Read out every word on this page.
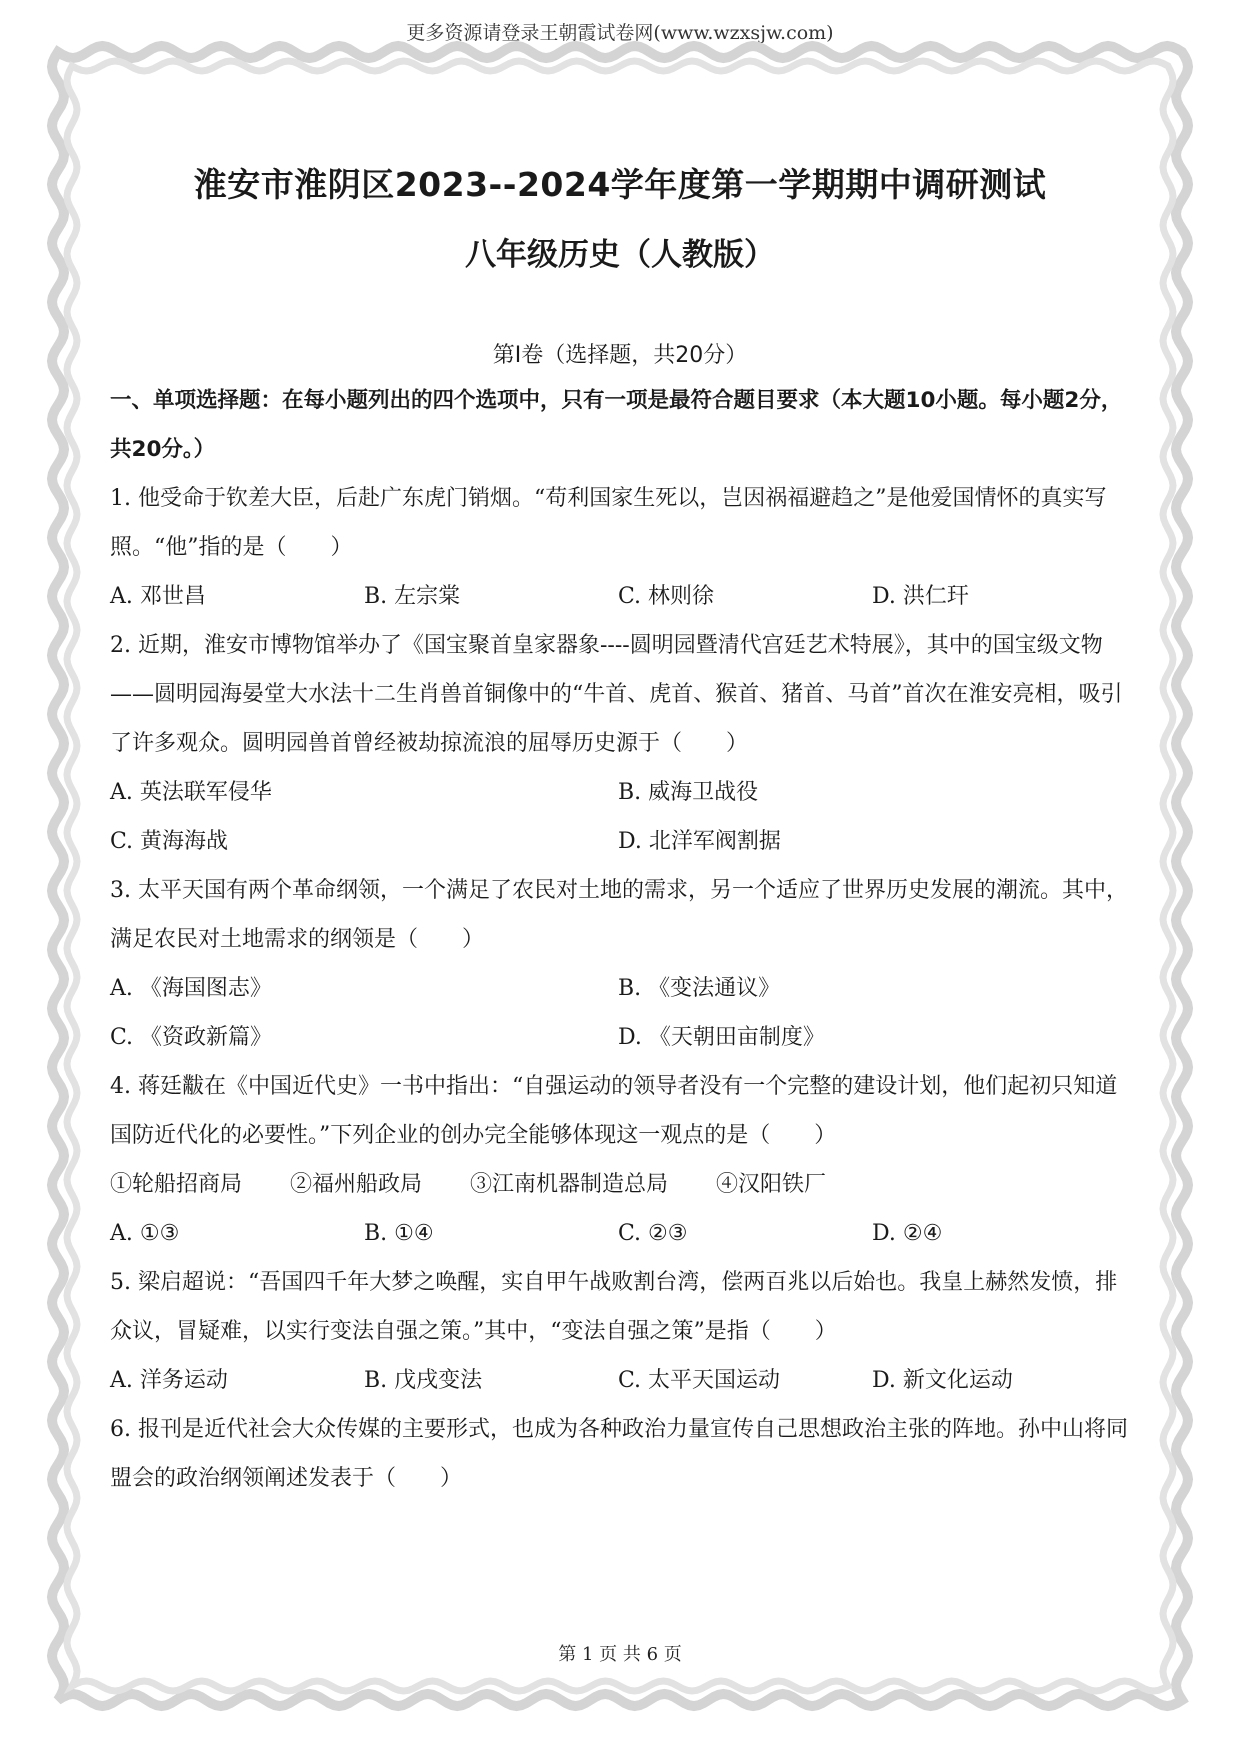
更多资源请登录王朝霞试卷网(www.wzxsjw.com)
淮安市淮阴区2023--2024学年度第一学期期中调研测试
八年级历史（人教版）
第Ⅰ卷（选择题，共20分）
一、单项选择题：在每小题列出的四个选项中，只有一项是最符合题目要求（本大题10小题。每小题2分，共20分。）
1. 他受命于钦差大臣，后赴广东虎门销烟。“苟利国家生死以，岂因祸福避趋之”是他爱国情怀的真实写照。“他”指的是（　　）
A. 邓世昌	B. 左宗棠	C. 林则徐	D. 洪仁玕
2. 近期，淮安市博物馆举办了《国宝聚首皇家器象----圆明园暨清代宫廷艺术特展》，其中的国宝级文物——圆明园海晏堂大水法十二生肖兽首铜像中的“牛首、虎首、猴首、猪首、马首”首次在淮安亮相，吸引了许多观众。圆明园兽首曾经被劫掠流浪的屈辱历史源于（　　）
A. 英法联军侵华	B. 威海卫战役
C. 黄海海战	D. 北洋军阀割据
3. 太平天国有两个革命纲领，一个满足了农民对土地的需求，另一个适应了世界历史发展的潮流。其中，满足农民对土地需求的纲领是（　　）
A. 《海国图志》	B. 《变法通议》
C. 《资政新篇》	D. 《天朝田亩制度》
4. 蒋廷黻在《中国近代史》一书中指出：“自强运动的领导者没有一个完整的建设计划，他们起初只知道国防近代化的必要性。”下列企业的创办完全能够体现这一观点的是（　　）
①轮船招商局 ②福州船政局 ③江南机器制造总局 ④汉阳铁厂
A. ①③	B. ①④	C. ②③	D. ②④
5. 梁启超说：“吾国四千年大梦之唤醒，实自甲午战败割台湾，偿两百兆以后始也。我皇上赫然发愤，排众议，冒疑难，以实行变法自强之策。”其中，“变法自强之策”是指（　　）
A. 洋务运动	B. 戊戌变法	C. 太平天国运动	D. 新文化运动
6. 报刊是近代社会大众传媒的主要形式，也成为各种政治力量宣传自己思想政治主张的阵地。孙中山将同盟会的政治纲领阐述发表于（　　）
第 1 页 共 6 页
